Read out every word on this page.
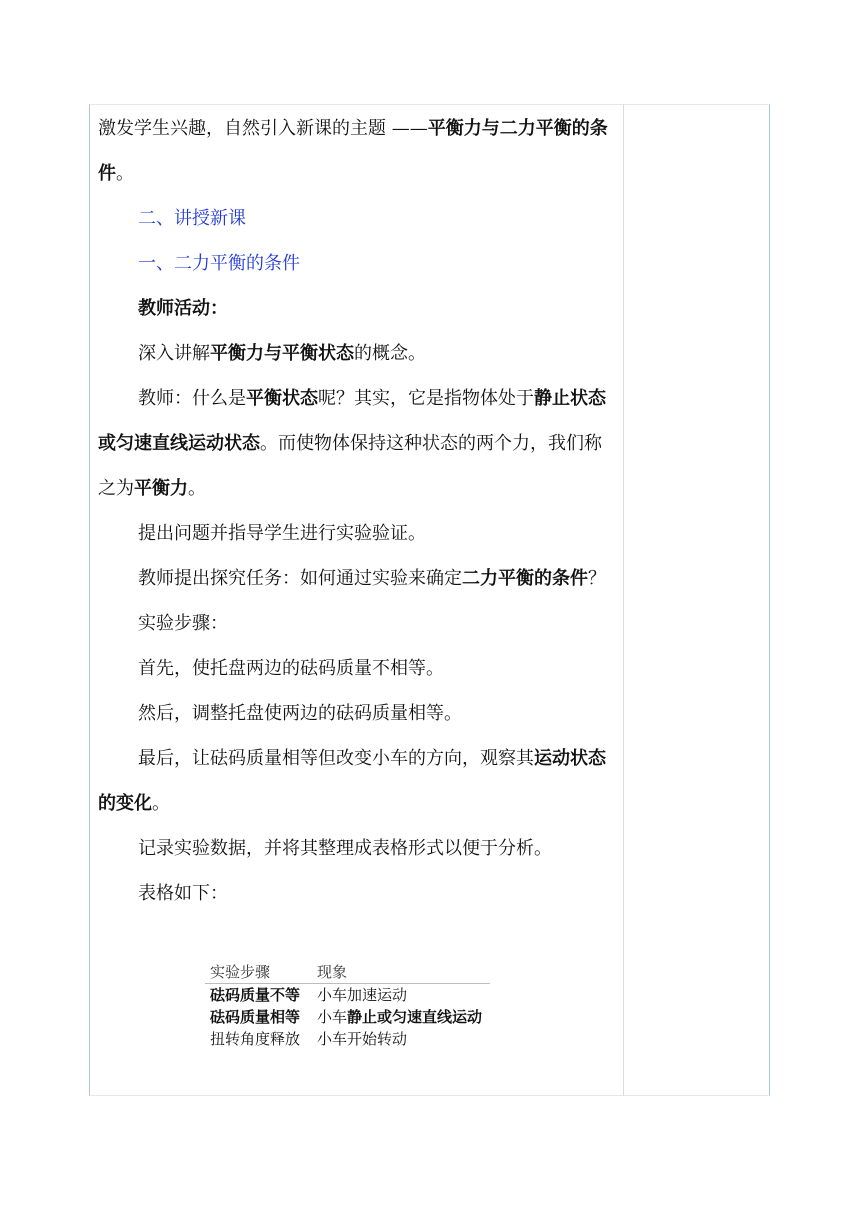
激发学生兴趣，自然引入新课的主题 ——平衡力与二力平衡的条件。

二、讲授新课

一、二力平衡的条件

教师活动：

深入讲解平衡力与平衡状态的概念。

教师：什么是平衡状态呢？其实，它是指物体处于静止状态或匀速直线运动状态。而使物体保持这种状态的两个力，我们称之为平衡力。

提出问题并指导学生进行实验验证。

教师提出探究任务：如何通过实验来确定二力平衡的条件？

实验步骤：

首先，使托盘两边的砝码质量不相等。

然后，调整托盘使两边的砝码质量相等。

最后，让砝码质量相等但改变小车的方向，观察其运动状态的变化。

记录实验数据，并将其整理成表格形式以便于分析。

表格如下：

实验步骤	现象
砝码质量不等	小车加速运动
砝码质量相等	小车静止或匀速直线运动
扭转角度释放	小车开始转动
